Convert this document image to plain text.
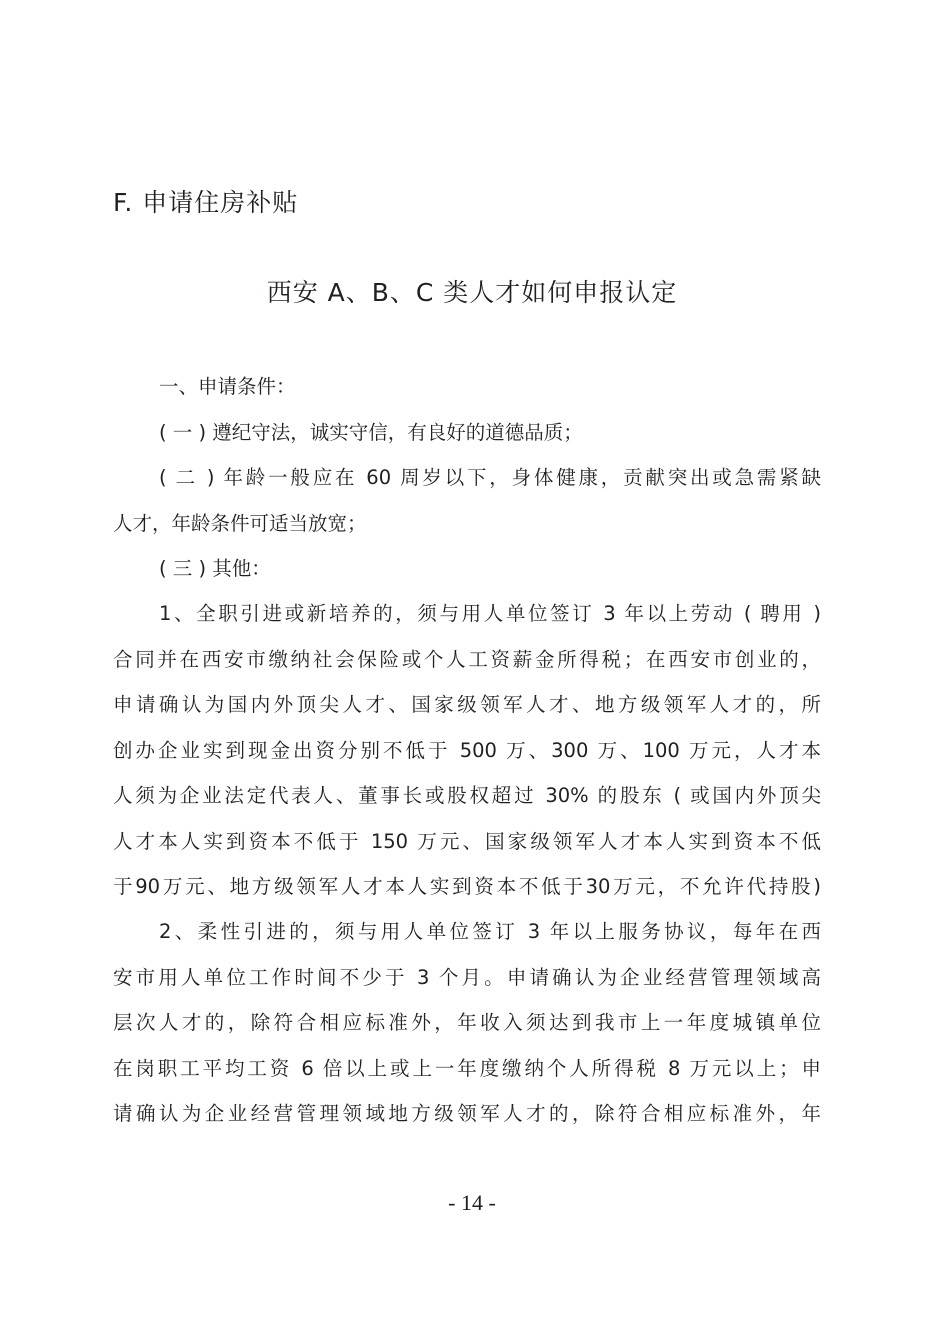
F. 申请住房补贴
西安 A、B、C 类人才如何申报认定

一、申请条件：

( 一 ) 遵纪守法，诚实守信，有良好的道德品质；

( 二 ) 年龄一般应在 60 周岁以下，身体健康，贡献突出或急需紧缺

人才，年龄条件可适当放宽；

( 三 ) 其他：

1、全职引进或新培养的，须与用人单位签订 3 年以上劳动 ( 聘用 )

合同并在西安市缴纳社会保险或个人工资薪金所得税；在西安市创业的，

申请确认为国内外顶尖人才、国家级领军人才、地方级领军人才的，所

创办企业实到现金出资分别不低于 500 万、300 万、100 万元，人才本

人须为企业法定代表人、董事长或股权超过 30% 的股东 ( 或国内外顶尖

人才本人实到资本不低于 150 万元、国家级领军人才本人实到资本不低

于90万元、地方级领军人才本人实到资本不低于30万元，不允许代持股)

2、柔性引进的，须与用人单位签订 3 年以上服务协议，每年在西

安市用人单位工作时间不少于 3 个月。申请确认为企业经营管理领域高

层次人才的，除符合相应标准外，年收入须达到我市上一年度城镇单位

在岗职工平均工资 6 倍以上或上一年度缴纳个人所得税 8 万元以上；申

请确认为企业经营管理领域地方级领军人才的，除符合相应标准外，年

- 14 -
